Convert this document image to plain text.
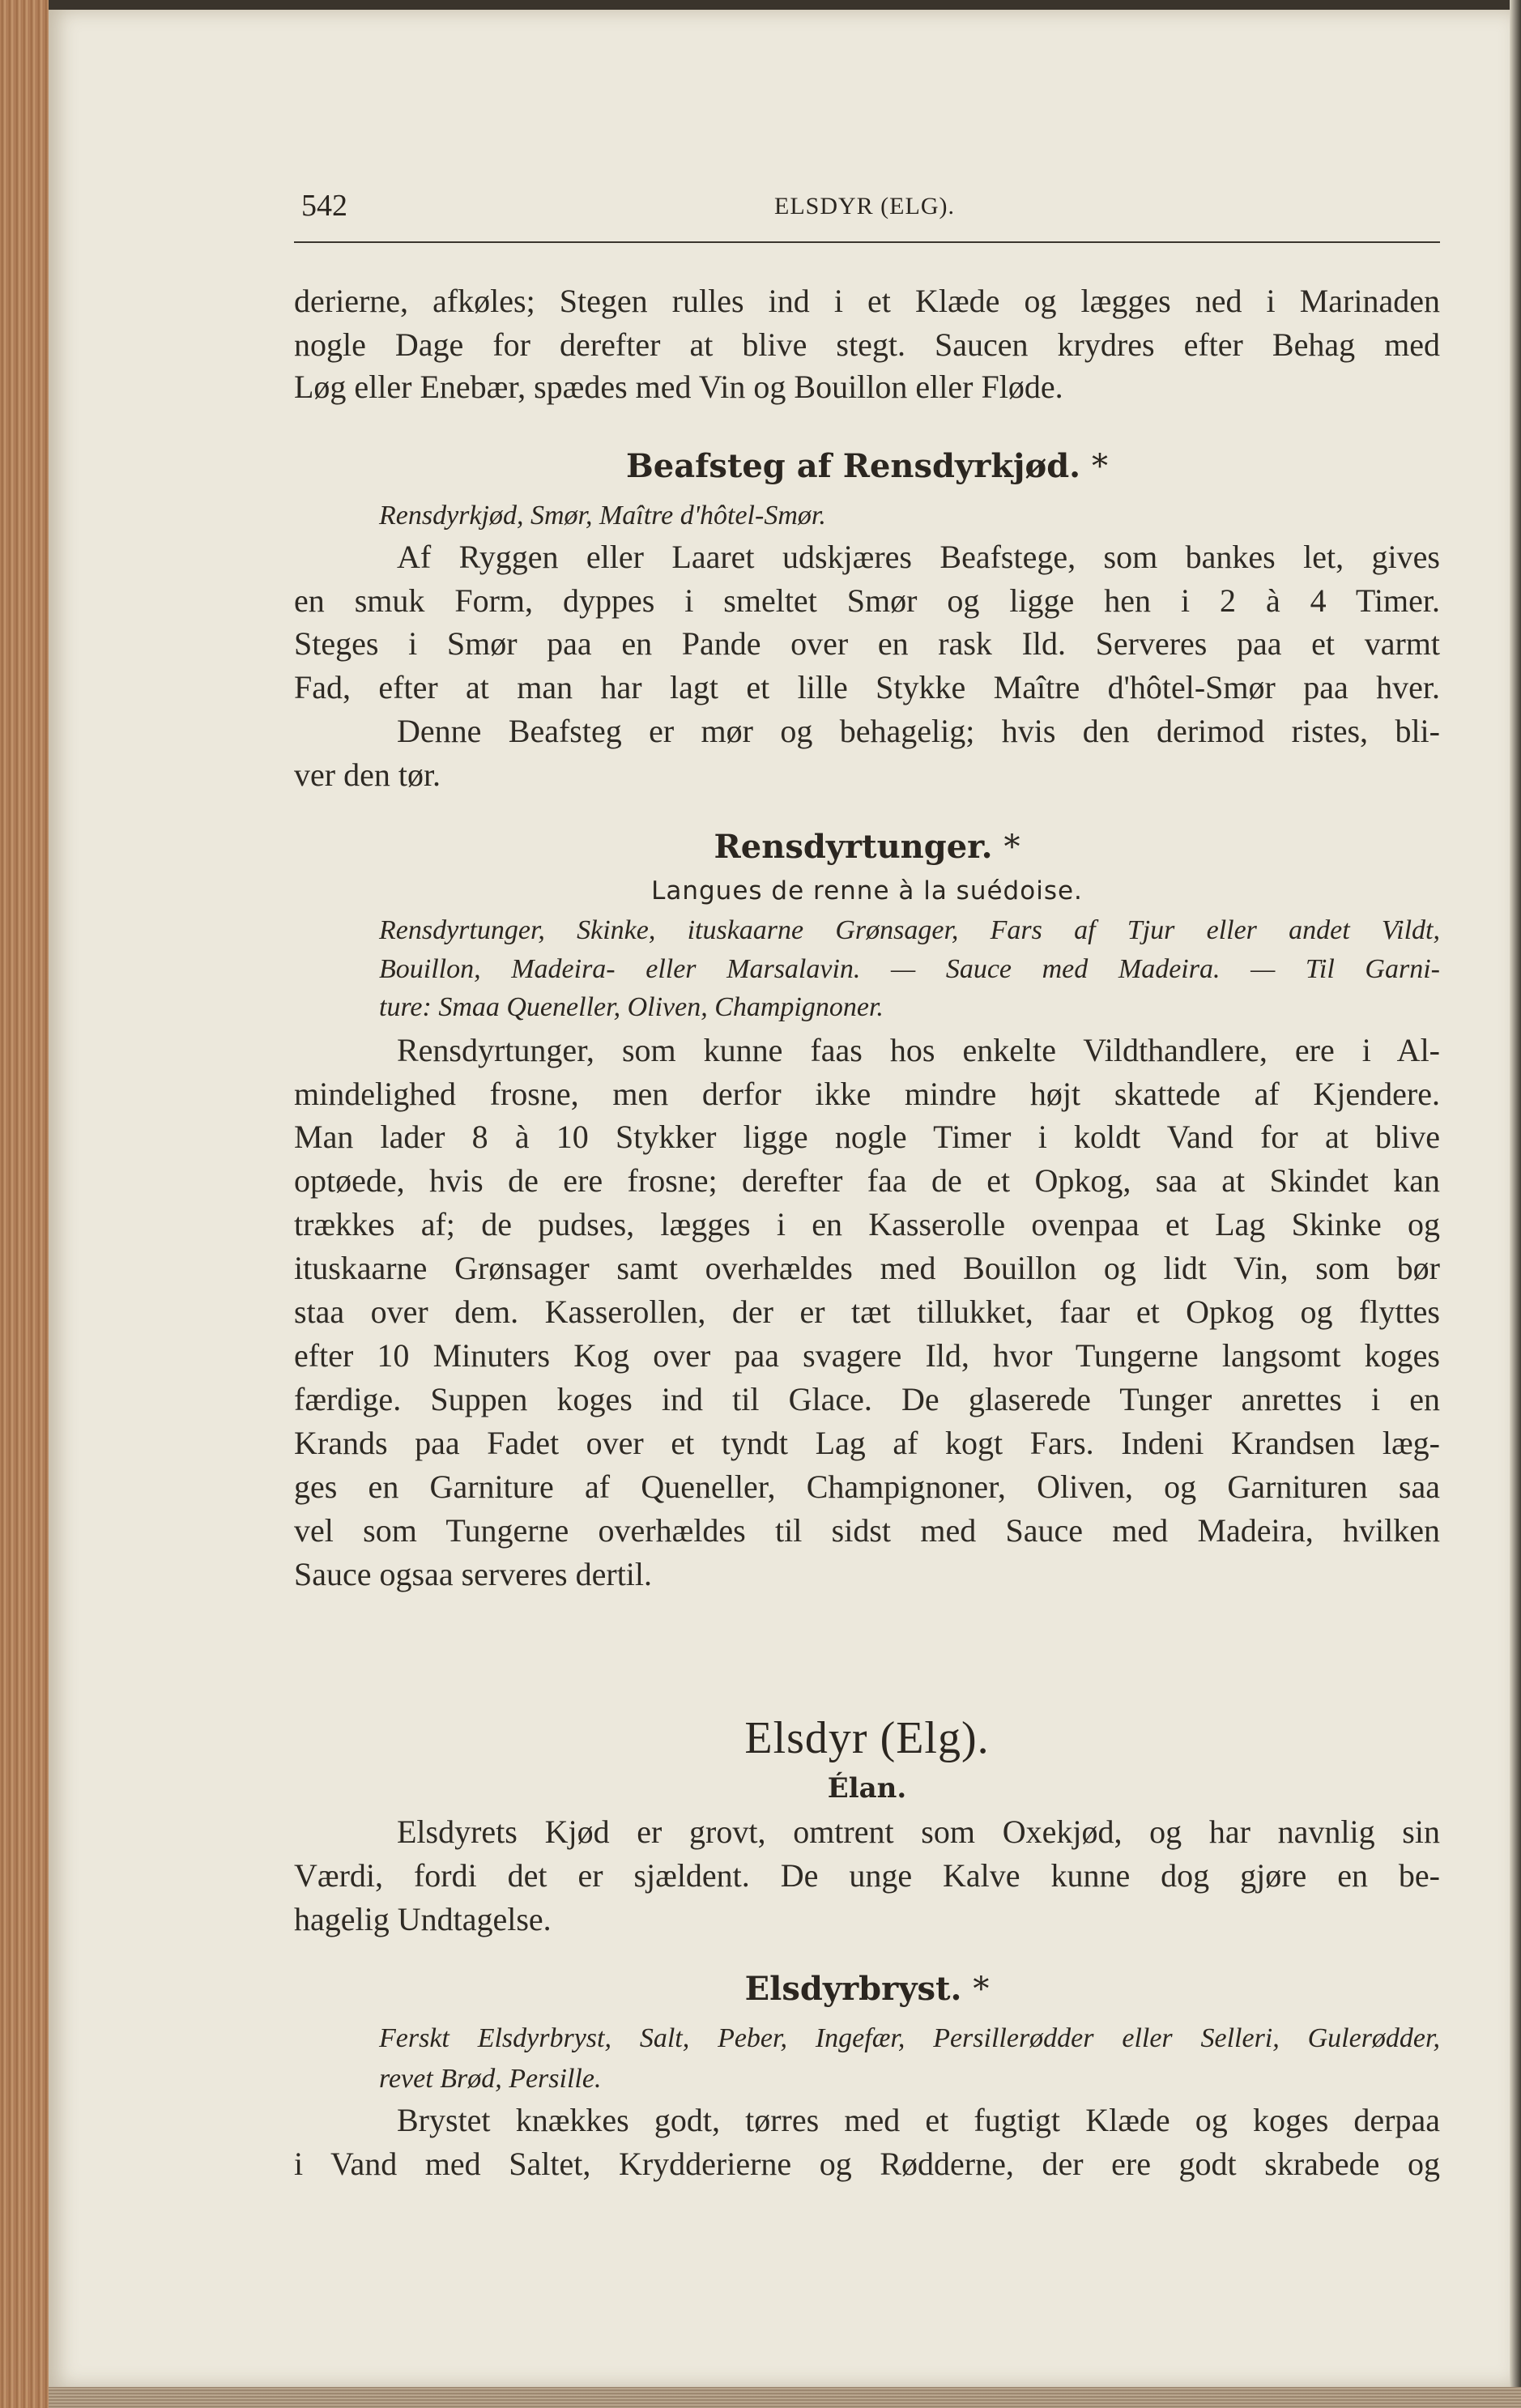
542	ELSDYR (ELG).
derierne, afkøles; Stegen rulles ind i et Klæde og lægges ned i Marinaden
nogle Dage for derefter at blive stegt. Saucen krydres efter Behag med
Løg eller Enebær, spædes med Vin og Bouillon eller Fløde.
Beafsteg af Rensdyrkjød. *
Rensdyrkjød, Smør, Maître d'hôtel-Smør.
Af Ryggen eller Laaret udskjæres Beafstege, som bankes let, gives
en smuk Form, dyppes i smeltet Smør og ligge hen i 2 à 4 Timer.
Steges i Smør paa en Pande over en rask Ild. Serveres paa et varmt
Fad, efter at man har lagt et lille Stykke Maître d'hôtel-Smør paa hver.
Denne Beafsteg er mør og behagelig; hvis den derimod ristes, bli-
ver den tør.
Rensdyrtunger. *
Langues de renne à la suédoise.
Rensdyrtunger, Skinke, ituskaarne Grønsager, Fars af Tjur eller andet Vildt,
Bouillon, Madeira- eller Marsalavin. — Sauce med Madeira. — Til Garni-
ture: Smaa Queneller, Oliven, Champignoner.
Rensdyrtunger, som kunne faas hos enkelte Vildthandlere, ere i Al-
mindelighed frosne, men derfor ikke mindre højt skattede af Kjendere.
Man lader 8 à 10 Stykker ligge nogle Timer i koldt Vand for at blive
optøede, hvis de ere frosne; derefter faa de et Opkog, saa at Skindet kan
trækkes af; de pudses, lægges i en Kasserolle ovenpaa et Lag Skinke og
ituskaarne Grønsager samt overhældes med Bouillon og lidt Vin, som bør
staa over dem. Kasserollen, der er tæt tillukket, faar et Opkog og flyttes
efter 10 Minuters Kog over paa svagere Ild, hvor Tungerne langsomt koges
færdige. Suppen koges ind til Glace. De glaserede Tunger anrettes i en
Krands paa Fadet over et tyndt Lag af kogt Fars. Indeni Krandsen læg-
ges en Garniture af Queneller, Champignoner, Oliven, og Garnituren saa
vel som Tungerne overhældes til sidst med Sauce med Madeira, hvilken
Sauce ogsaa serveres dertil.
Elsdyr (Elg).
Élan.
Elsdyrets Kjød er grovt, omtrent som Oxekjød, og har navnlig sin
Værdi, fordi det er sjældent. De unge Kalve kunne dog gjøre en be-
hagelig Undtagelse.
Elsdyrbryst. *
Ferskt Elsdyrbryst, Salt, Peber, Ingefær, Persillerødder eller Selleri, Gulerødder,
revet Brød, Persille.
Brystet knækkes godt, tørres med et fugtigt Klæde og koges derpaa
i Vand med Saltet, Krydderierne og Rødderne, der ere godt skrabede og
